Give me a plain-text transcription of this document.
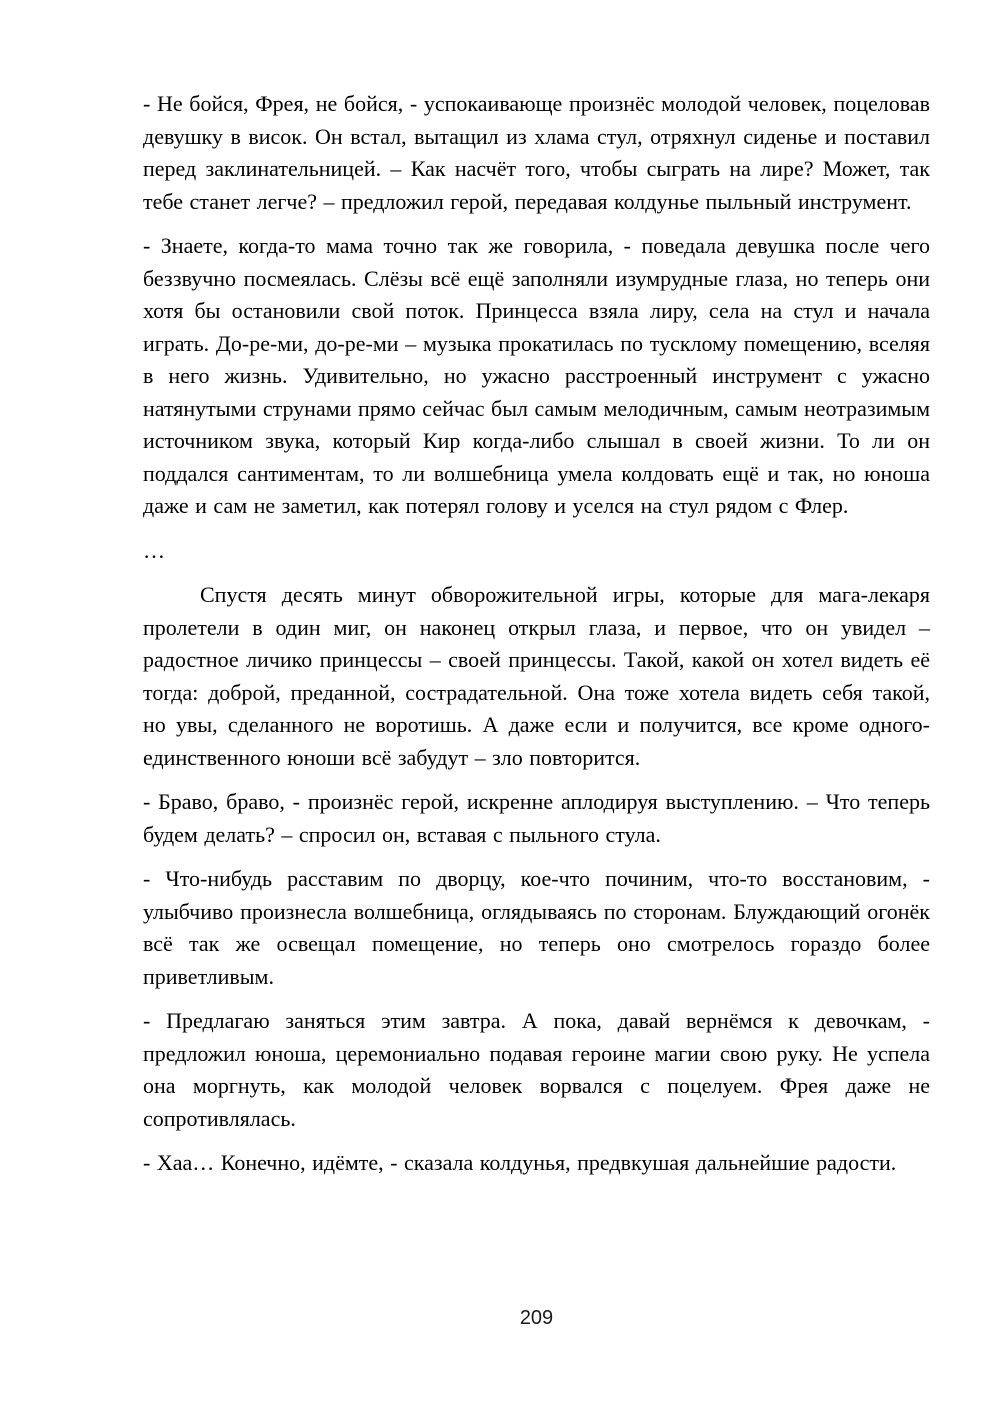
- Не бойся, Фрея, не бойся, - успокаивающе произнёс молодой человек, поцеловав девушку в висок. Он встал, вытащил из хлама стул, отряхнул сиденье и поставил перед заклинательницей. – Как насчёт того, чтобы сыграть на лире? Может, так тебе станет легче? – предложил герой, передавая колдунье пыльный инструмент.

- Знаете, когда-то мама точно так же говорила, - поведала девушка после чего беззвучно посмеялась. Слёзы всё ещё заполняли изумрудные глаза, но теперь они хотя бы остановили свой поток. Принцесса взяла лиру, села на стул и начала играть. До-ре-ми, до-ре-ми – музыка прокатилась по тусклому помещению, вселяя в него жизнь. Удивительно, но ужасно расстроенный инструмент с ужасно натянутыми струнами прямо сейчас был самым мелодичным, самым неотразимым источником звука, который Кир когда-либо слышал в своей жизни. То ли он поддался сантиментам, то ли волшебница умела колдовать ещё и так, но юноша даже и сам не заметил, как потерял голову и уселся на стул рядом с Флер.

…

Спустя десять минут обворожительной игры, которые для мага-лекаря пролетели в один миг, он наконец открыл глаза, и первое, что он увидел – радостное личико принцессы – своей принцессы. Такой, какой он хотел видеть её тогда: доброй, преданной, сострадательной. Она тоже хотела видеть себя такой, но увы, сделанного не воротишь. А даже если и получится, все кроме одного-единственного юноши всё забудут – зло повторится.

- Браво, браво, - произнёс герой, искренне аплодируя выступлению. – Что теперь будем делать? – спросил он, вставая с пыльного стула.

- Что-нибудь расставим по дворцу, кое-что починим, что-то восстановим, - улыбчиво произнесла волшебница, оглядываясь по сторонам. Блуждающий огонёк всё так же освещал помещение, но теперь оно смотрелось гораздо более приветливым.

- Предлагаю заняться этим завтра. А пока, давай вернёмся к девочкам, - предложил юноша, церемониально подавая героине магии свою руку. Не успела она моргнуть, как молодой человек ворвался с поцелуем. Фрея даже не сопротивлялась.

- Хаа… Конечно, идёмте, - сказала колдунья, предвкушая дальнейшие радости.

209
